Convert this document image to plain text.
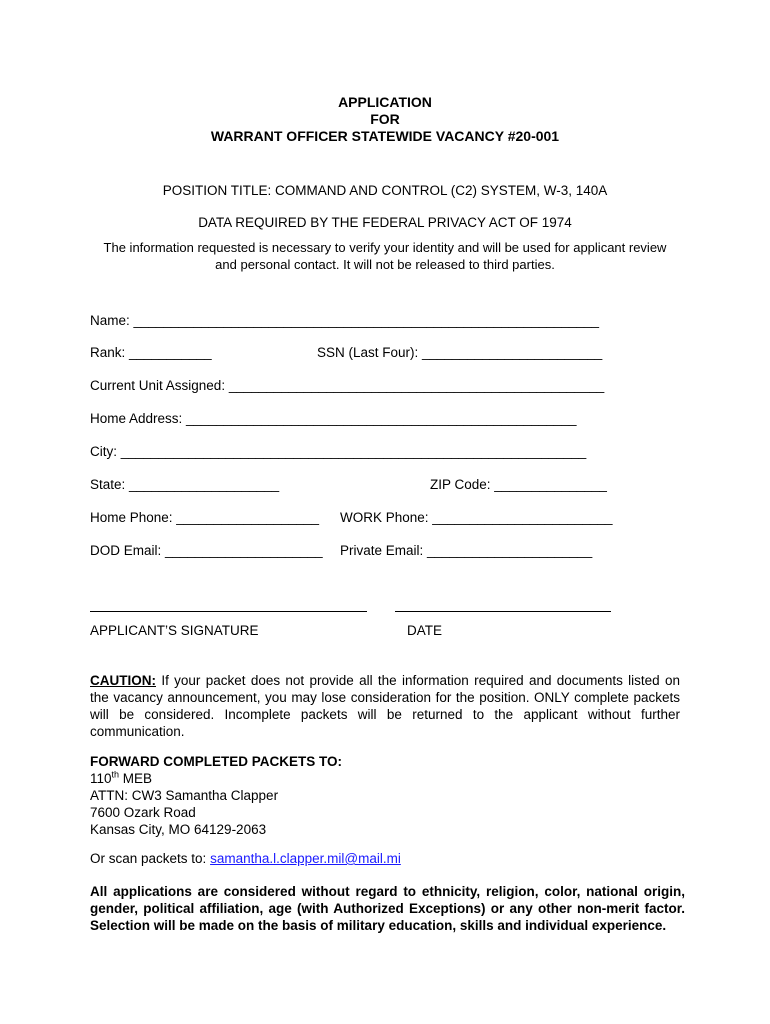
APPLICATION
FOR
WARRANT OFFICER STATEWIDE VACANCY #20-001
POSITION TITLE: COMMAND AND CONTROL (C2) SYSTEM, W-3, 140A
DATA REQUIRED BY THE FEDERAL PRIVACY ACT OF 1974
The information requested is necessary to verify your identity and will be used for applicant review and personal contact. It will not be released to third parties.
Name: ______________________________________________________________
Rank: ___________	SSN (Last Four): ________________________
Current Unit Assigned: __________________________________________________
Home Address: ____________________________________________________
City: ______________________________________________________________
State: ____________________	ZIP Code: _______________
Home Phone: ___________________ WORK Phone: ________________________
DOD Email: _____________________ Private Email: ______________________
APPLICANT’S SIGNATURE	DATE
CAUTION: If your packet does not provide all the information required and documents listed on the vacancy announcement, you may lose consideration for the position. ONLY complete packets will be considered. Incomplete packets will be returned to the applicant without further communication.
FORWARD COMPLETED PACKETS TO:
110th MEB
ATTN: CW3 Samantha Clapper
7600 Ozark Road
Kansas City, MO 64129-2063
Or scan packets to: samantha.l.clapper.mil@mail.mi
All applications are considered without regard to ethnicity, religion, color, national origin, gender, political affiliation, age (with Authorized Exceptions) or any other non-merit factor. Selection will be made on the basis of military education, skills and individual experience.
